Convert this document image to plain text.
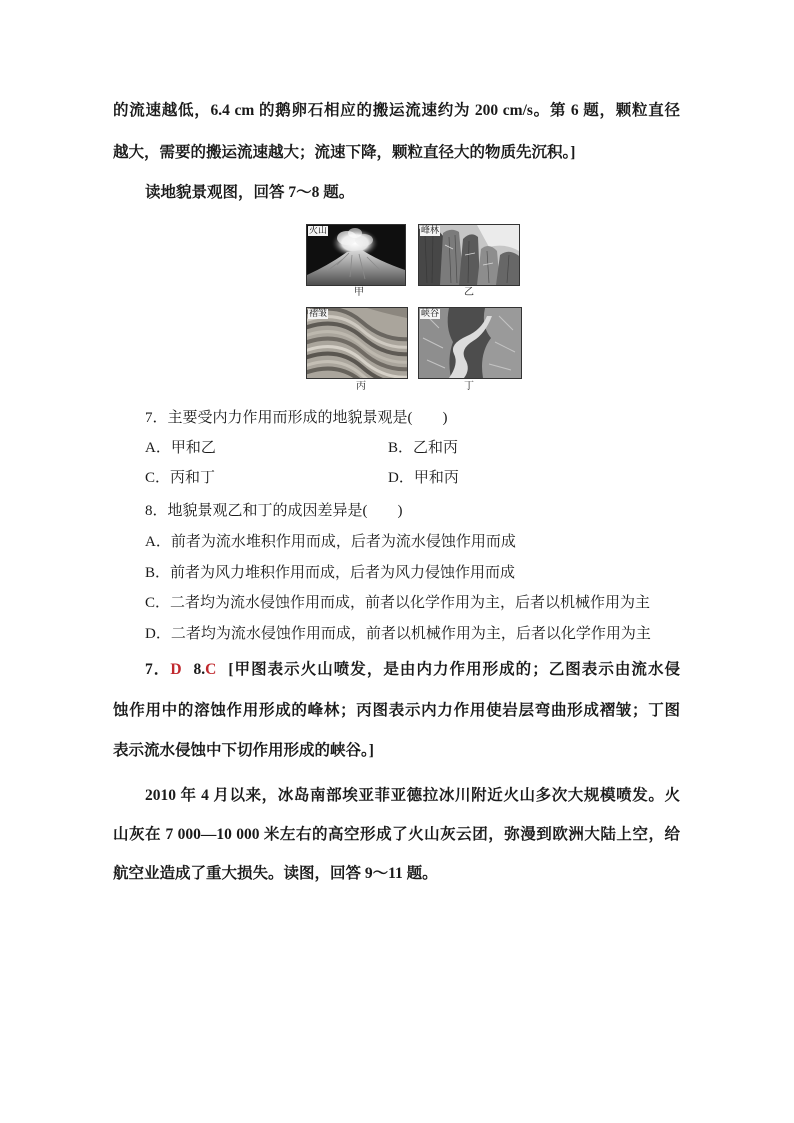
的流速越低，6.4 cm 的鹅卵石相应的搬运流速约为 200 cm/s。第 6 题，颗粒直径

越大，需要的搬运流速越大；流速下降，颗粒直径大的物质先沉积。]

读地貌景观图，回答 7～8 题。

火山
甲
峰林
乙
褶皱
丙
峡谷
丁

7．主要受内力作用而形成的地貌景观是(　　)

A．甲和乙	B．乙和丙

C．丙和丁	D．甲和丙

8．地貌景观乙和丁的成因差异是(　　)

A．前者为流水堆积作用而成，后者为流水侵蚀作用而成

B．前者为风力堆积作用而成，后者为风力侵蚀作用而成

C．二者均为流水侵蚀作用而成，前者以化学作用为主，后者以机械作用为主

D．二者均为流水侵蚀作用而成，前者以机械作用为主，后者以化学作用为主

7．D 8.C [甲图表示火山喷发，是由内力作用形成的；乙图表示由流水侵

蚀作用中的溶蚀作用形成的峰林；丙图表示内力作用使岩层弯曲形成褶皱；丁图

表示流水侵蚀中下切作用形成的峡谷。]

2010 年 4 月以来，冰岛南部埃亚菲亚德拉冰川附近火山多次大规模喷发。火

山灰在 7 000—10 000 米左右的高空形成了火山灰云团，弥漫到欧洲大陆上空，给

航空业造成了重大损失。读图，回答 9～11 题。
